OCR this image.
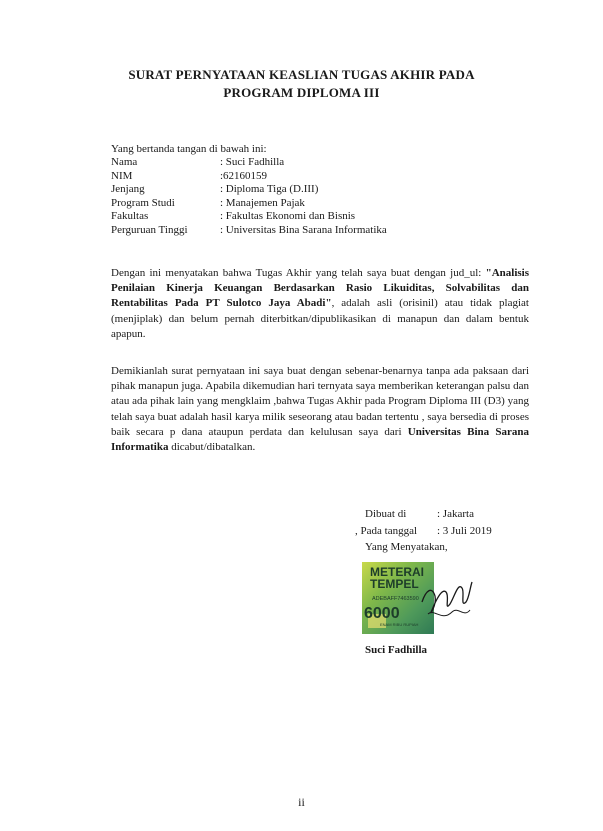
SURAT PERNYATAAN KEASLIAN TUGAS AKHIR PADA
PROGRAM DIPLOMA III
Yang bertanda tangan di bawah ini:
Nama	: Suci Fadhilla
NIM	:62160159
Jenjang	: Diploma Tiga (D.III)
Program Studi	: Manajemen Pajak
Fakultas	: Fakultas Ekonomi dan Bisnis
Perguruan Tinggi	: Universitas Bina Sarana Informatika
Dengan ini menyatakan bahwa Tugas Akhir yang telah saya buat dengan jud_ul: "Analisis Penilaian Kinerja Keuangan Berdasarkan Rasio Likuiditas, Solvabilitas dan Rentabilitas Pada PT Sulotco Jaya Abadi", adalah asli (orisinil) atau tidak plagiat (menjiplak) dan belum pernah diterbitkan/dipublikasikan di manapun dan dalam bentuk apapun.
Demikianlah surat pernyataan ini saya buat dengan sebenar-benarnya tanpa ada paksaan dari pihak manapun juga. Apabila dikemudian hari ternyata saya memberikan keterangan palsu dan atau ada pihak lain yang mengklaim ,bahwa Tugas Akhir pada Program Diploma III (D3) yang telah saya buat adalah hasil karya milik seseorang atau badan tertentu , saya bersedia di proses baik secara p dana ataupun perdata dan kelulusan saya dari Universitas Bina Sarana Informatika dicabut/dibatalkan.
Dibuat di	: Jakarta
, Pada tanggal	: 3 Juli 2019
Yang Menyatakan,
METERAI
TEMPEL
ADEBAFF7463590
6000
ENAM RIBU RUPIAH
Suci Fadhilla
ii
